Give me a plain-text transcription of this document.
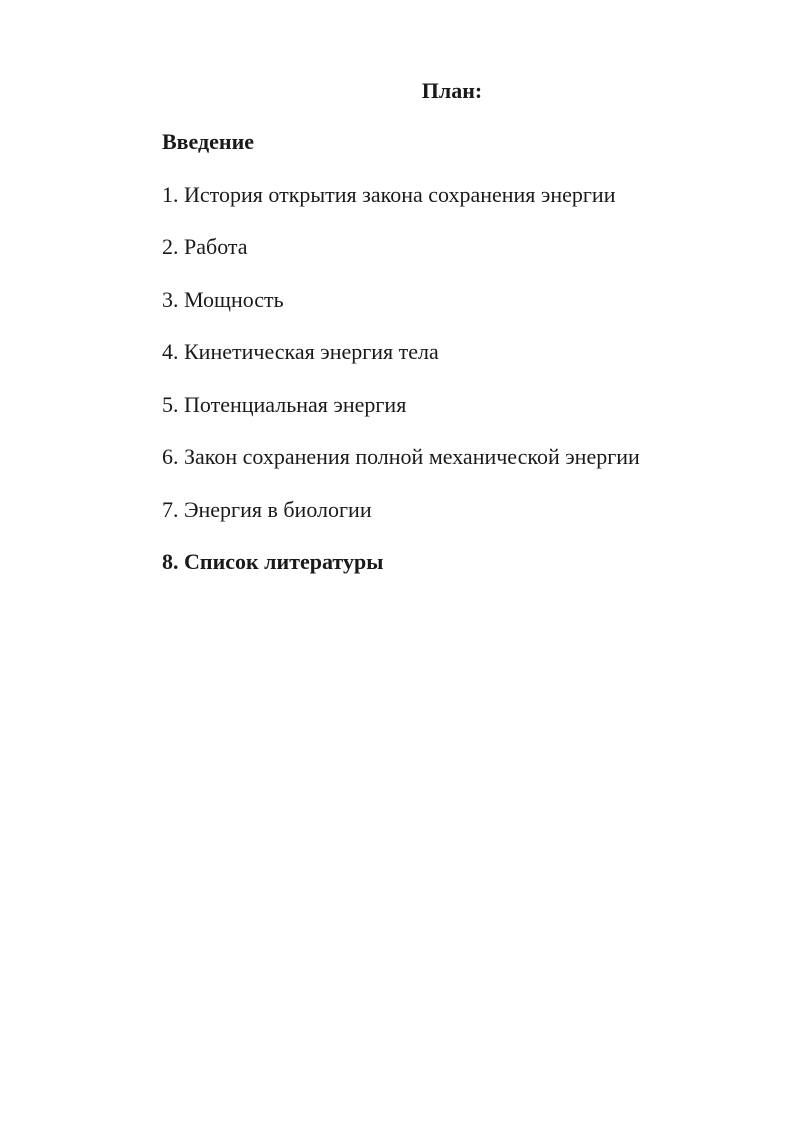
План:
Введение
1. История открытия закона сохранения энергии
2. Работа
3. Мощность
4. Кинетическая энергия тела
5. Потенциальная энергия
6. Закон сохранения полной механической энергии
7. Энергия в биологии
8. Список литературы
